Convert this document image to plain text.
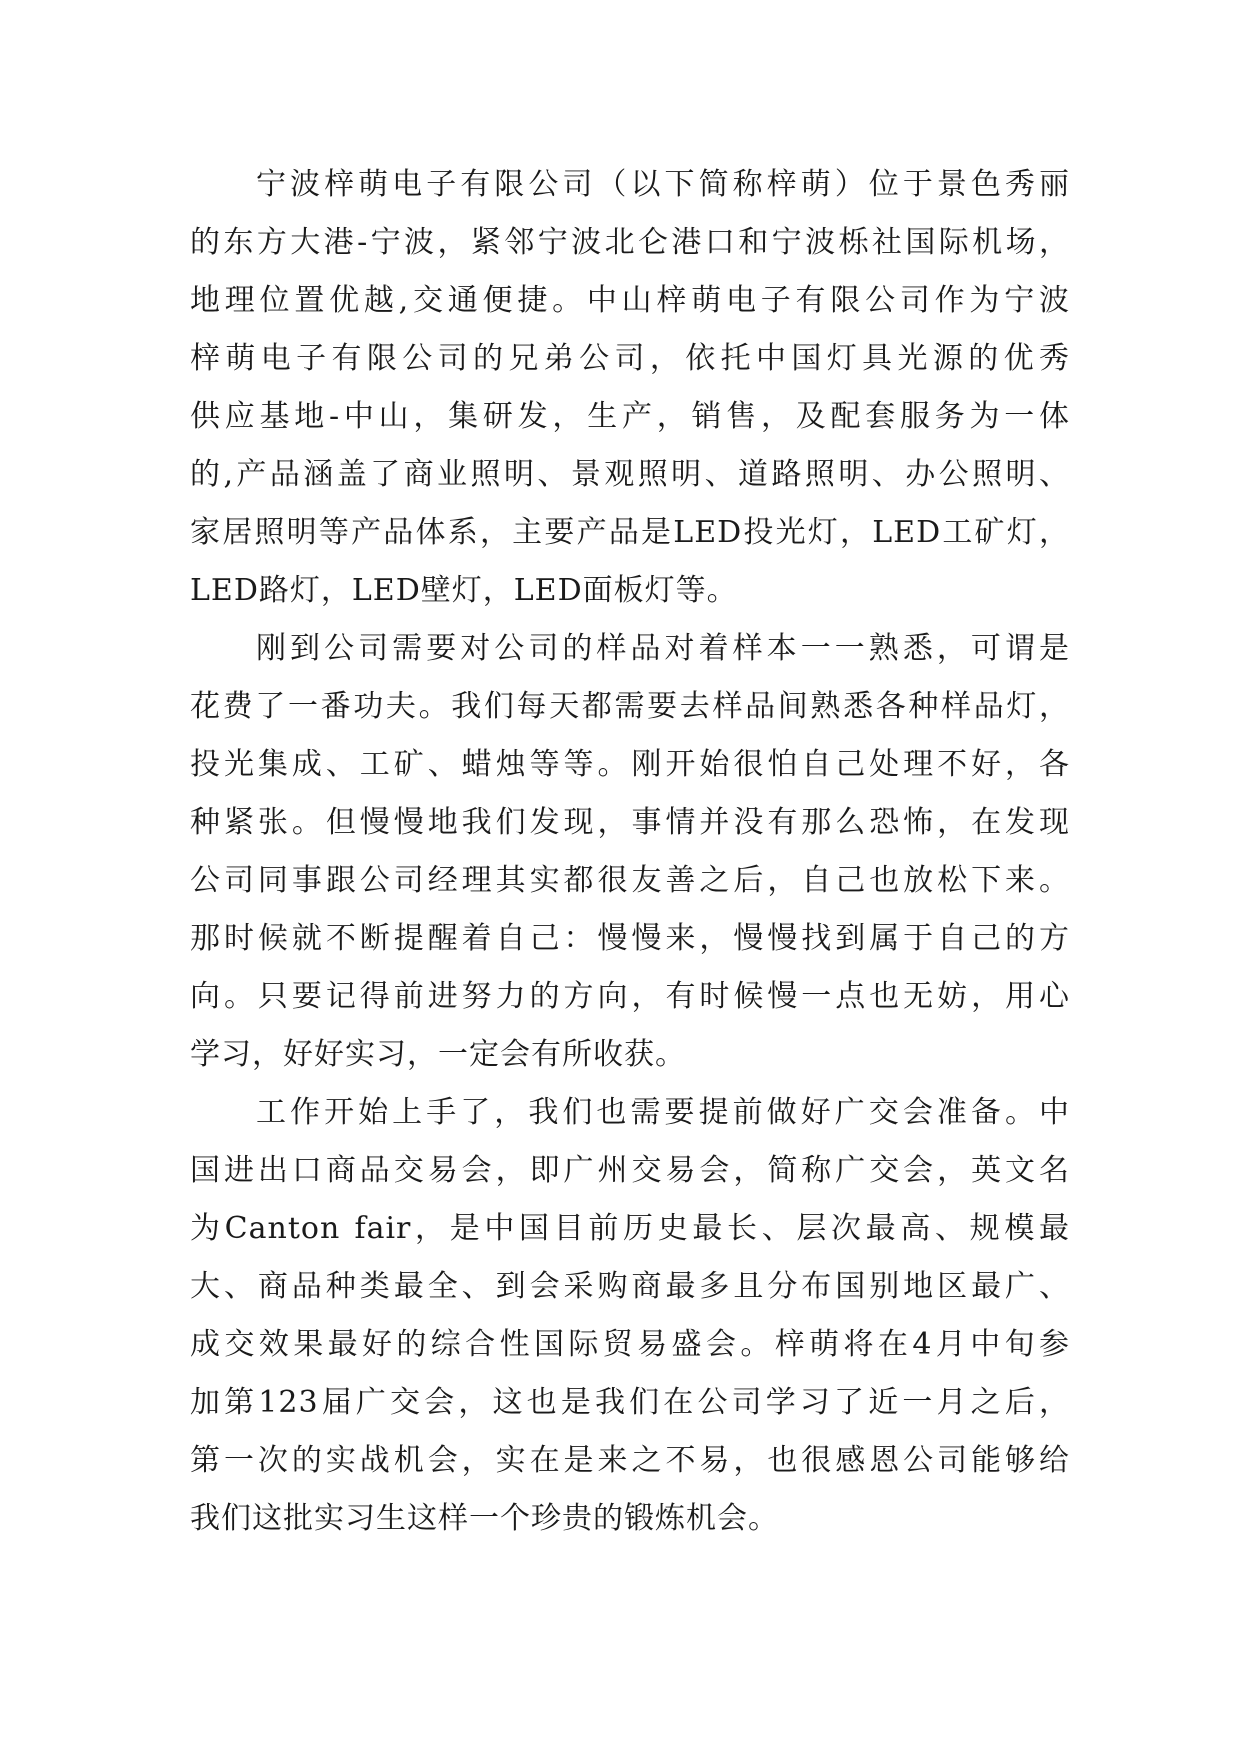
宁波梓萌电子有限公司（以下简称梓萌）位于景色秀丽
的东方大港-宁波，紧邻宁波北仑港口和宁波栎社国际机场，
地理位置优越,交通便捷。中山梓萌电子有限公司作为宁波
梓萌电子有限公司的兄弟公司，依托中国灯具光源的优秀
供应基地-中山，集研发，生产，销售，及配套服务为一体
的,产品涵盖了商业照明、景观照明、道路照明、办公照明、
家居照明等产品体系，主要产品是LED投光灯，LED工矿灯，
LED路灯，LED壁灯，LED面板灯等。
刚到公司需要对公司的样品对着样本一一熟悉，可谓是
花费了一番功夫。我们每天都需要去样品间熟悉各种样品灯，
投光集成、工矿、蜡烛等等。刚开始很怕自己处理不好，各
种紧张。但慢慢地我们发现，事情并没有那么恐怖，在发现
公司同事跟公司经理其实都很友善之后，自己也放松下来。
那时候就不断提醒着自己：慢慢来，慢慢找到属于自己的方
向。只要记得前进努力的方向，有时候慢一点也无妨，用心
学习，好好实习，一定会有所收获。
工作开始上手了，我们也需要提前做好广交会准备。中
国进出口商品交易会，即广州交易会，简称广交会，英文名
为Canton fair，是中国目前历史最长、层次最高、规模最
大、商品种类最全、到会采购商最多且分布国别地区最广、
成交效果最好的综合性国际贸易盛会。梓萌将在4月中旬参
加第123届广交会，这也是我们在公司学习了近一月之后，
第一次的实战机会，实在是来之不易，也很感恩公司能够给
我们这批实习生这样一个珍贵的锻炼机会。
